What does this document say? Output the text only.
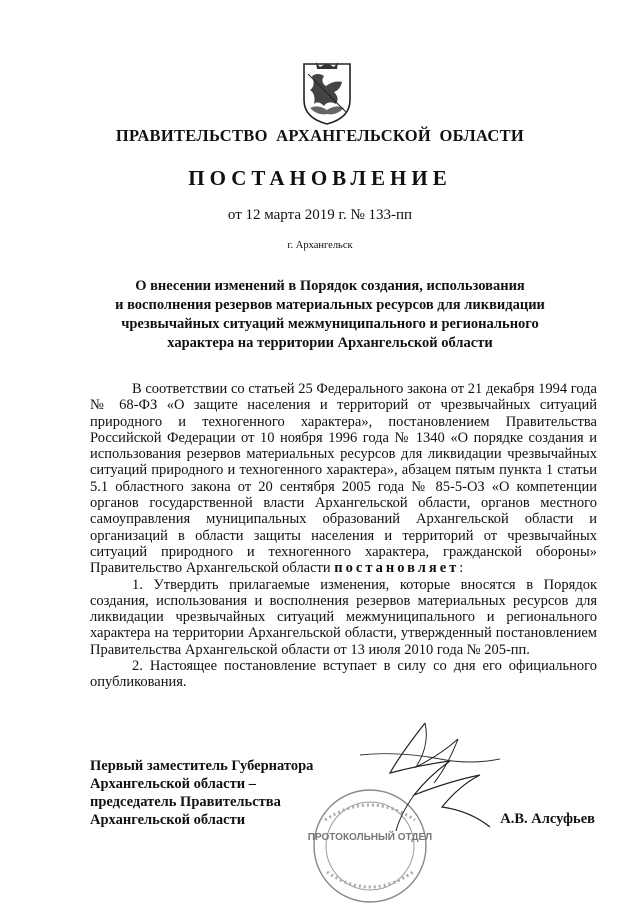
ПРАВИТЕЛЬСТВО АРХАНГЕЛЬСКОЙ ОБЛАСТИ
ПОСТАНОВЛЕНИЕ
от 12 марта 2019 г. № 133-пп
г. Архангельск
О внесении изменений в Порядок создания, использования
и восполнения резервов материальных ресурсов для ликвидации
чрезвычайных ситуаций межмуниципального и регионального
характера на территории Архангельской области

В соответствии со статьей 25 Федерального закона от 21 декабря 1994 года № 68-ФЗ «О защите населения и территорий от чрезвычайных ситуаций природного и техногенного характера», постановлением Правительства Российской Федерации от 10 ноября 1996 года № 1340 «О порядке создания и использования резервов материальных ресурсов для ликвидации чрезвычайных ситуаций природного и техногенного характера», абзацем пятым пункта 1 статьи 5.1 областного закона от 20 сентября 2005 года № 85-5-ОЗ «О компетенции органов государственной власти Архангельской области, органов местного самоуправления муниципальных образований Архангельской области и организаций в области защиты населения и территорий от чрезвычайных ситуаций природного и техногенного характера, гражданской обороны» Правительство Архангельской области постановляет:

1. Утвердить прилагаемые изменения, которые вносятся в Порядок создания, использования и восполнения резервов материальных ресурсов для ликвидации чрезвычайных ситуаций межмуниципального и регионального характера на территории Архангельской области, утвержденный постановлением Правительства Архангельской области от 13 июля 2010 года № 205-пп.

2. Настоящее постановление вступает в силу со дня его официального опубликования.

ПРОТОКОЛЬНЫЙ ОТДЕЛ
Первый заместитель Губернатора
Архангельской области –
председатель Правительства
Архангельской области	А.В. Алсуфьев
